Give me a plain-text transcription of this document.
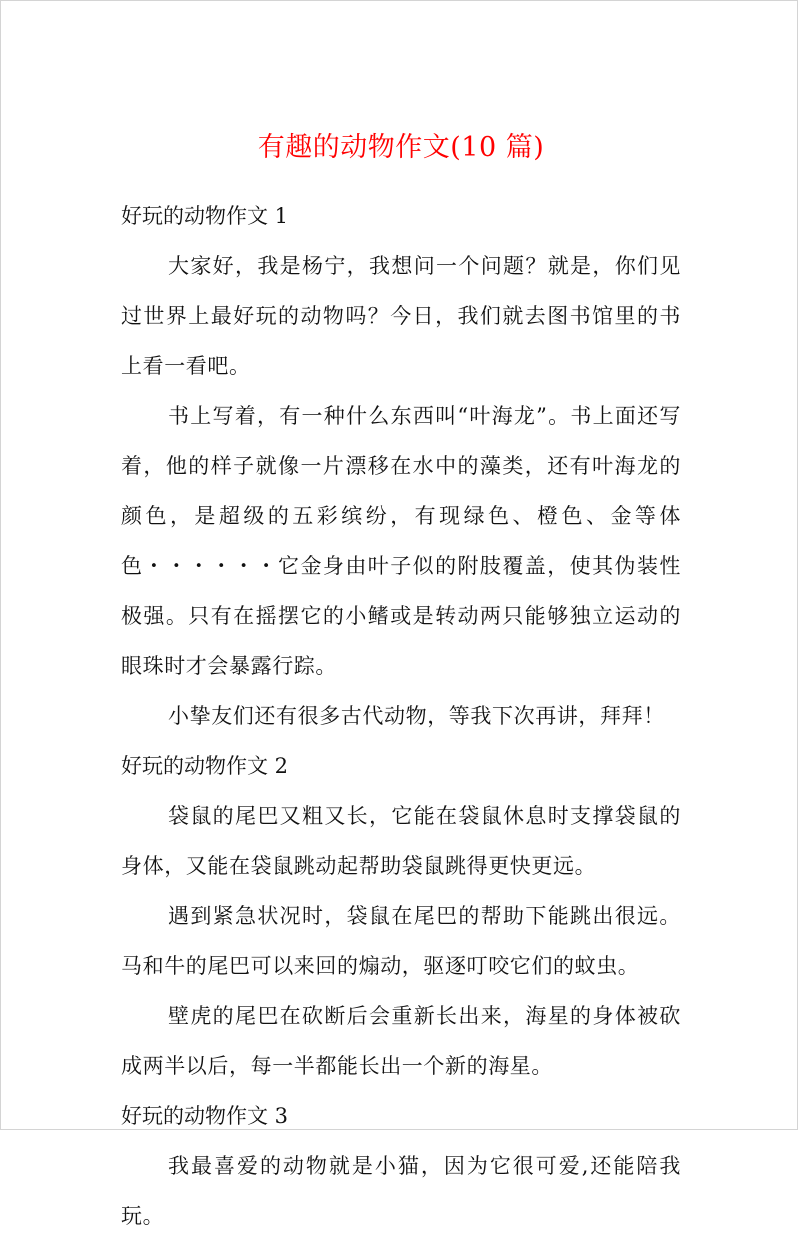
有趣的动物作文(10 篇)
好玩的动物作文 1

大家好，我是杨宁，我想问一个问题？就是，你们见过世界上最好玩的动物吗？今日，我们就去图书馆里的书上看一看吧。

书上写着，有一种什么东西叫“叶海龙”。书上面还写着，他的样子就像一片漂移在水中的藻类，还有叶海龙的颜色，是超级的五彩缤纷，有现绿色、橙色、金等体色・・・・・・它金身由叶子似的附肢覆盖，使其伪装性极强。只有在摇摆它的小鳍或是转动两只能够独立运动的眼珠时才会暴露行踪。

小挚友们还有很多古代动物，等我下次再讲，拜拜！

好玩的动物作文 2

袋鼠的尾巴又粗又长，它能在袋鼠休息时支撑袋鼠的身体，又能在袋鼠跳动起帮助袋鼠跳得更快更远。

遇到紧急状况时，袋鼠在尾巴的帮助下能跳出很远。马和牛的尾巴可以来回的煽动，驱逐叮咬它们的蚊虫。

壁虎的尾巴在砍断后会重新长出来，海星的身体被砍成两半以后，每一半都能长出一个新的海星。

好玩的动物作文 3

我最喜爱的动物就是小猫，因为它很可爱,还能陪我玩。
